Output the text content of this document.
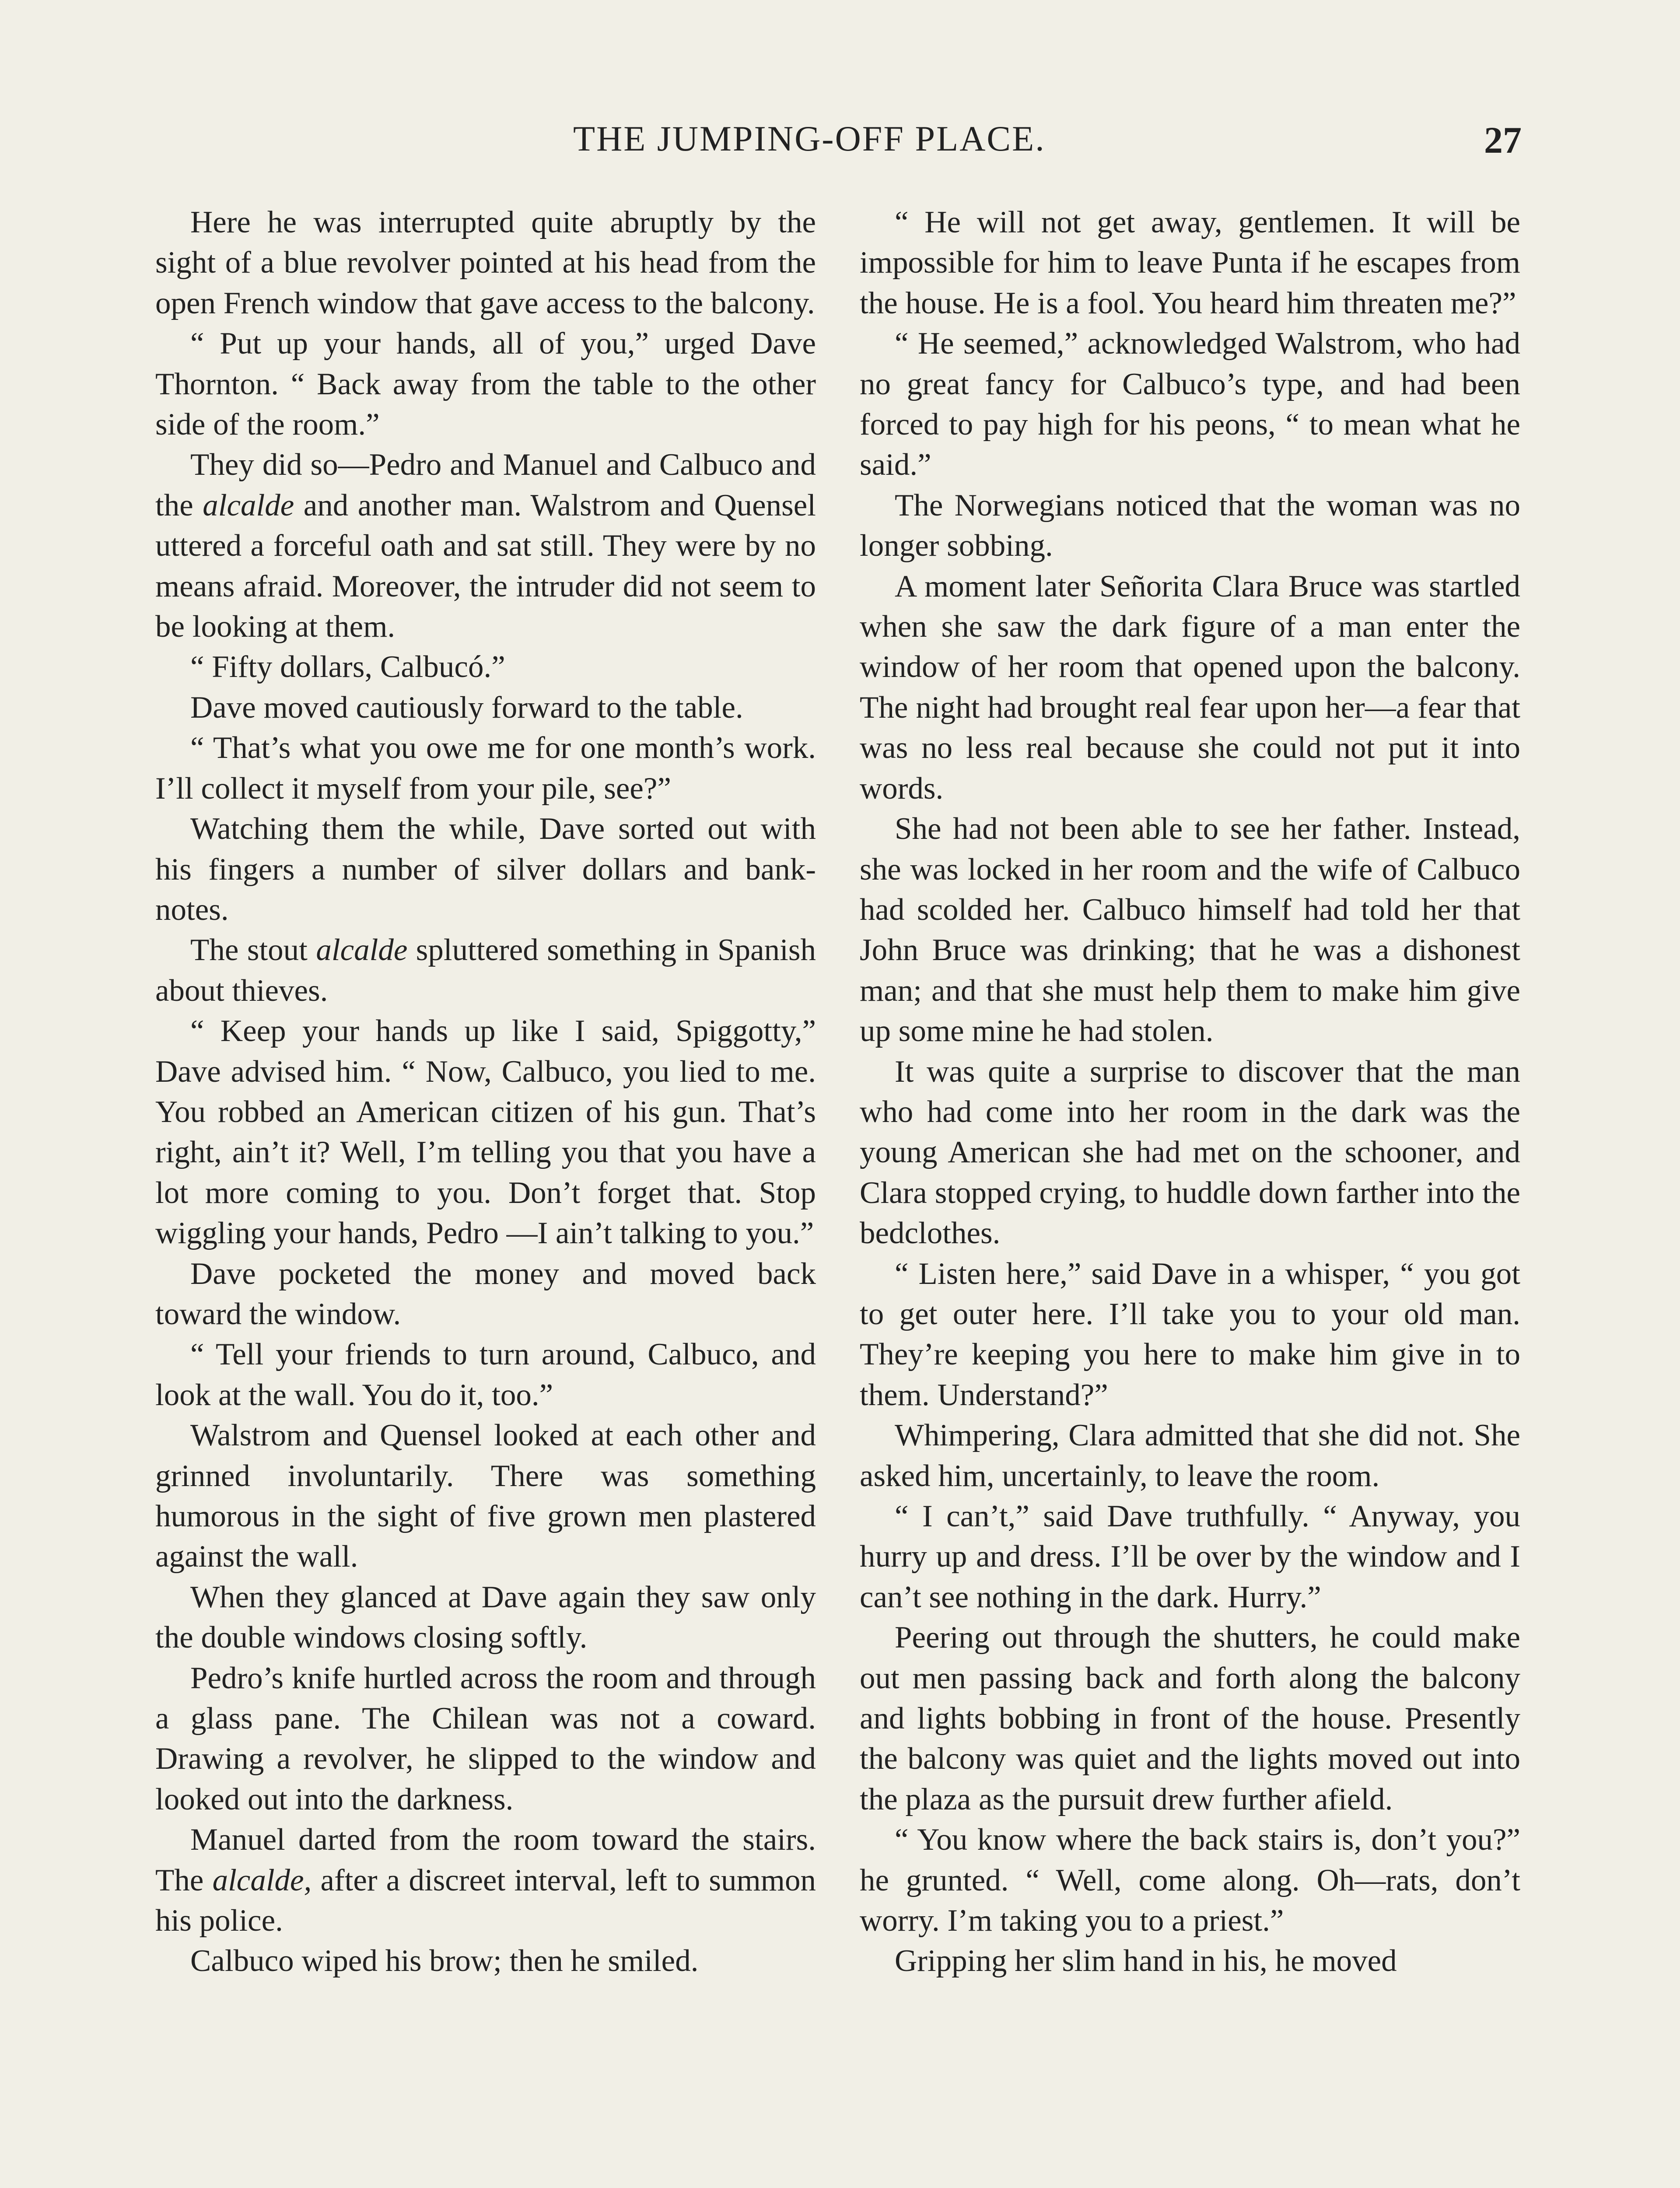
THE JUMPING-OFF PLACE.	27

Here he was interrupted quite abruptly by the sight of a blue revolver pointed at his head from the open French window that gave access to the balcony.

“ Put up your hands, all of you,” urged Dave Thornton. “ Back away from the table to the other side of the room.”

They did so—Pedro and Manuel and Calbuco and the alcalde and another man. Walstrom and Quensel uttered a forceful oath and sat still. They were by no means afraid. Moreover, the intruder did not seem to be looking at them.

“ Fifty dollars, Calbucó.”

Dave moved cautiously forward to the table.

“ That’s what you owe me for one month’s work. I’ll collect it myself from your pile, see?”

Watching them the while, Dave sorted out with his fingers a number of silver dollars and bank-notes.

The stout alcalde spluttered something in Spanish about thieves.

“ Keep your hands up like I said, Spiggotty,” Dave advised him. “ Now, Calbuco, you lied to me. You robbed an American citizen of his gun. That’s right, ain’t it? Well, I’m telling you that you have a lot more coming to you. Don’t forget that. Stop wiggling your hands, Pedro —I ain’t talking to you.”

Dave pocketed the money and moved back toward the window.

“ Tell your friends to turn around, Calbuco, and look at the wall. You do it, too.”

Walstrom and Quensel looked at each other and grinned involuntarily. There was something humorous in the sight of five grown men plastered against the wall.

When they glanced at Dave again they saw only the double windows closing softly.

Pedro’s knife hurtled across the room and through a glass pane. The Chilean was not a coward. Drawing a revolver, he slipped to the window and looked out into the darkness.

Manuel darted from the room toward the stairs. The alcalde, after a discreet interval, left to summon his police.

Calbuco wiped his brow; then he smiled.

“ He will not get away, gentlemen. It will be impossible for him to leave Punta if he escapes from the house. He is a fool. You heard him threaten me?”

“ He seemed,” acknowledged Walstrom, who had no great fancy for Calbuco’s type, and had been forced to pay high for his peons, “ to mean what he said.”

The Norwegians noticed that the woman was no longer sobbing.

A moment later Señorita Clara Bruce was startled when she saw the dark figure of a man enter the window of her room that opened upon the balcony. The night had brought real fear upon her—a fear that was no less real because she could not put it into words.

She had not been able to see her father. Instead, she was locked in her room and the wife of Calbuco had scolded her. Calbuco himself had told her that John Bruce was drinking; that he was a dishonest man; and that she must help them to make him give up some mine he had stolen.

It was quite a surprise to discover that the man who had come into her room in the dark was the young American she had met on the schooner, and Clara stopped crying, to huddle down farther into the bedclothes.

“ Listen here,” said Dave in a whisper, “ you got to get outer here. I’ll take you to your old man. They’re keeping you here to make him give in to them. Understand?”

Whimpering, Clara admitted that she did not. She asked him, uncertainly, to leave the room.

“ I can’t,” said Dave truthfully. “ Anyway, you hurry up and dress. I’ll be over by the window and I can’t see nothing in the dark. Hurry.”

Peering out through the shutters, he could make out men passing back and forth along the balcony and lights bobbing in front of the house. Presently the balcony was quiet and the lights moved out into the plaza as the pursuit drew further afield.

“ You know where the back stairs is, don’t you?” he grunted. “ Well, come along. Oh—rats, don’t worry. I’m taking you to a priest.”

Gripping her slim hand in his, he moved
